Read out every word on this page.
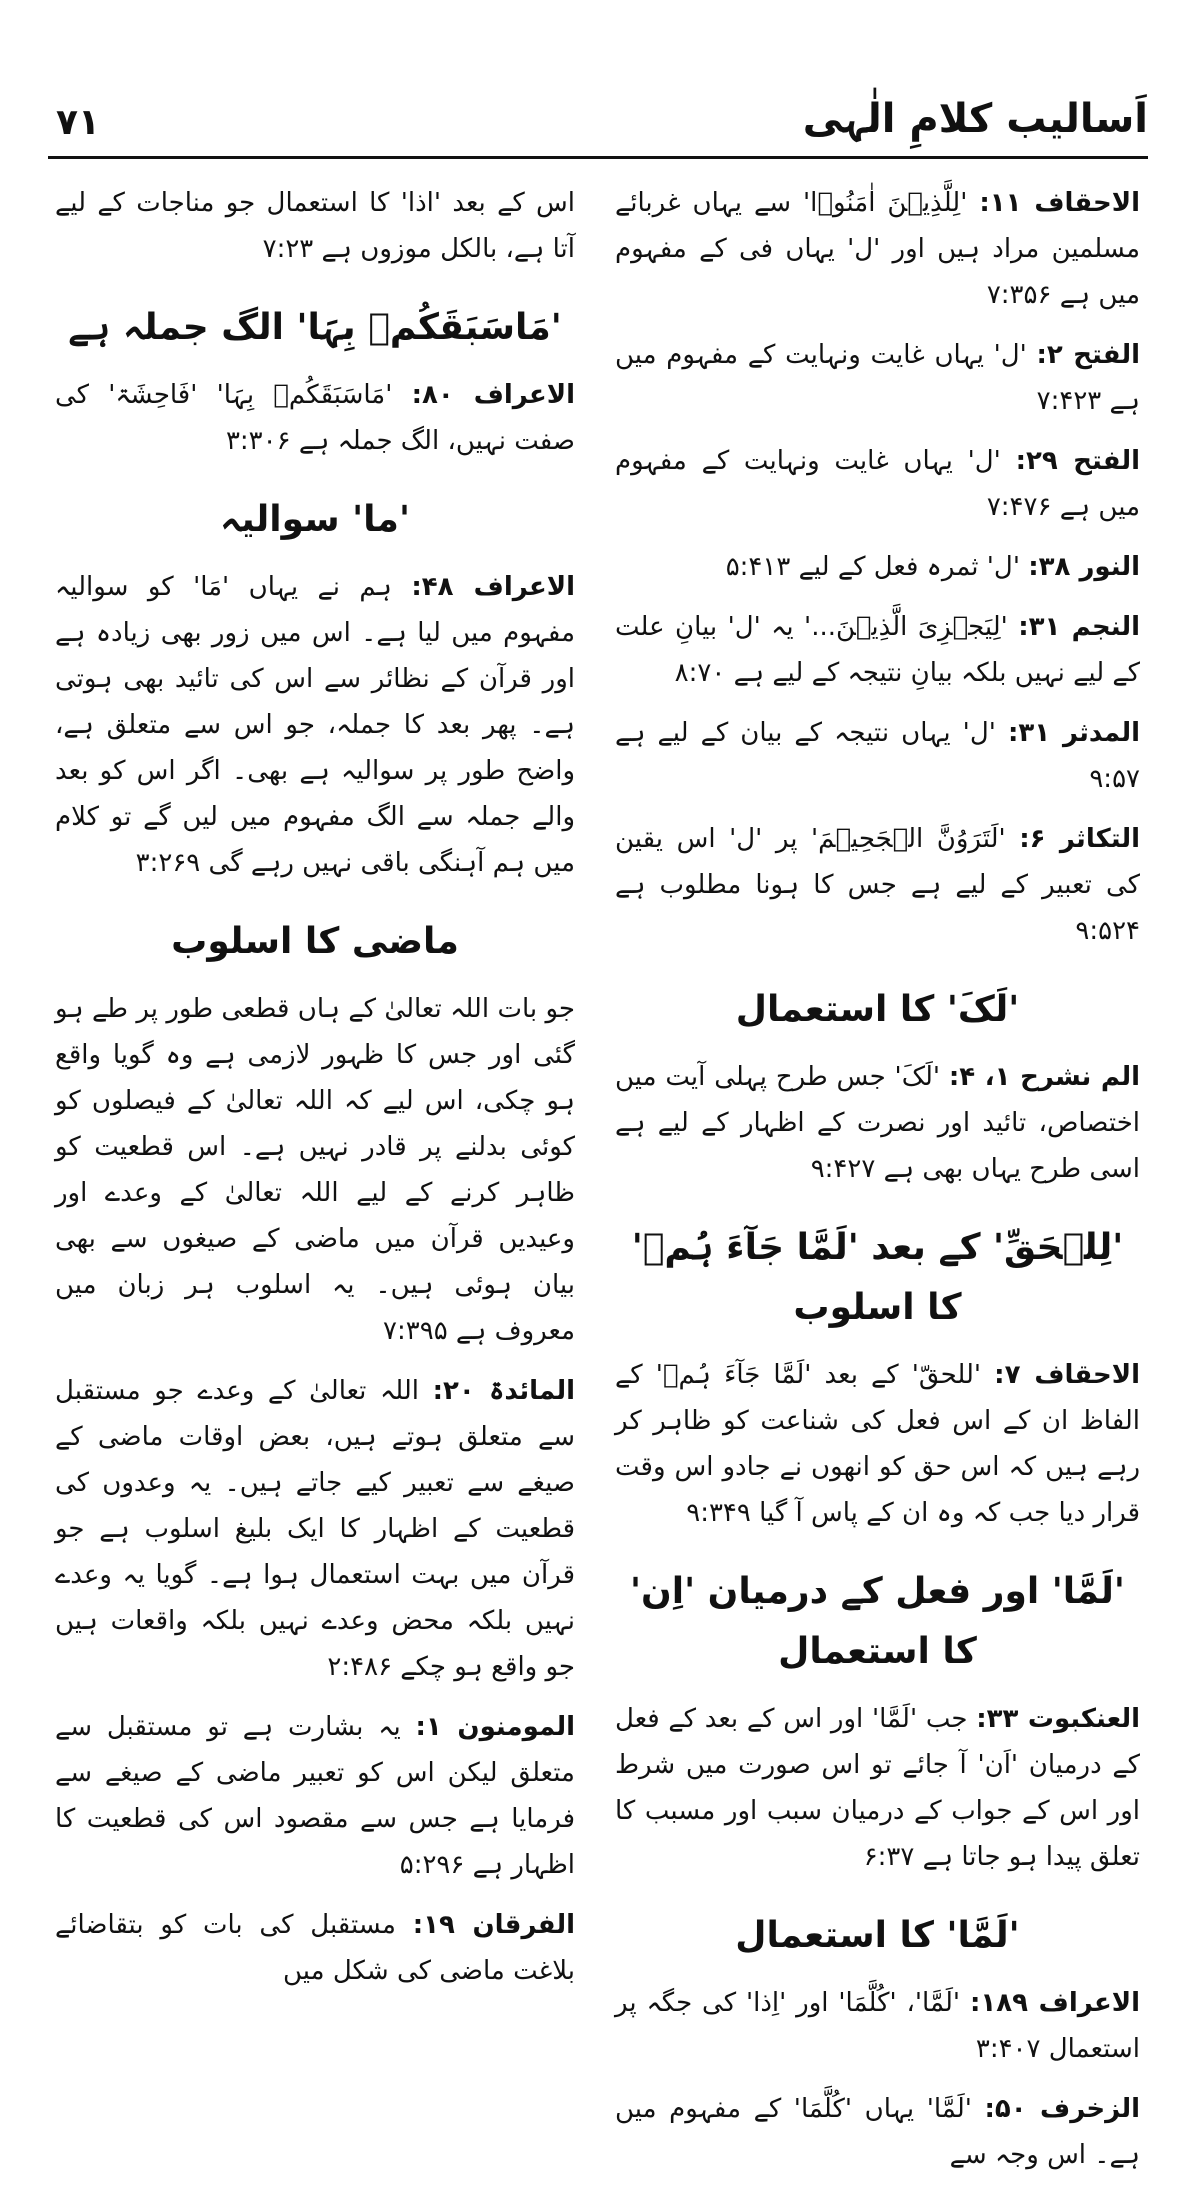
اَسالیب کلامِ الٰہی
۷۱

الاحقاف ۱۱: 'لِلَّذِیۡنَ اٰمَنُوۡا' سے یہاں غربائے مسلمین مراد ہیں اور 'ل' یہاں فی کے مفہوم میں ہے ۷:۳۵۶

الفتح ۲: 'ل' یہاں غایت ونہایت کے مفہوم میں ہے ۷:۴۲۳

الفتح ۲۹: 'ل' یہاں غایت ونہایت کے مفہوم میں ہے ۷:۴۷۶

النور ۳۸: 'ل' ثمرہ فعل کے لیے ۵:۴۱۳

النجم ۳۱: 'لِیَجۡزِیَ الَّذِیۡنَ...' یہ 'ل' بیانِ علت کے لیے نہیں بلکہ بیانِ نتیجہ کے لیے ہے ۸:۷۰

المدثر ۳۱: 'ل' یہاں نتیجہ کے بیان کے لیے ہے ۹:۵۷

التکاثر ۶: 'لَتَرَوُنَّ الۡجَحِیۡمَ' پر 'ل' اس یقین کی تعبیر کے لیے ہے جس کا ہونا مطلوب ہے ۹:۵۲۴

'لَکَ' کا استعمال

الم نشرح ۱، ۴: 'لَکَ' جس طرح پہلی آیت میں اختصاص، تائید اور نصرت کے اظہار کے لیے ہے اسی طرح یہاں بھی ہے ۹:۴۲۷

'لِلۡحَقِّ' کے بعد 'لَمَّا جَآءَ ہُمۡ' کا اسلوب

الاحقاف ۷: 'للحقّ' کے بعد 'لَمَّا جَآءَ ہُمۡ' کے الفاظ ان کے اس فعل کی شناعت کو ظاہر کر رہے ہیں کہ اس حق کو انھوں نے جادو اس وقت قرار دیا جب کہ وہ ان کے پاس آ گیا ۹:۳۴۹

'لَمَّا' اور فعل کے درمیان 'اِن' کا استعمال

العنکبوت ۳۳: جب 'لَمَّا' اور اس کے بعد کے فعل کے درمیان 'اَن' آ جائے تو اس صورت میں شرط اور اس کے جواب کے درمیان سبب اور مسبب کا تعلق پیدا ہو جاتا ہے ۶:۳۷

'لَمَّا' کا استعمال

الاعراف ۱۸۹: 'لَمَّا'، 'کُلَّمَا' اور 'اِذا' کی جگہ پر استعمال ۳:۴۰۷

الزخرف ۵۰: 'لَمَّا' یہاں 'کُلَّمَا' کے مفہوم میں ہے۔ اس وجہ سے

اس کے بعد 'اذا' کا استعمال جو مناجات کے لیے آتا ہے، بالکل موزوں ہے ۷:۲۳

'مَاسَبَقَکُمۡ بِہَا' الگ جملہ ہے

الاعراف ۸۰: 'مَاسَبَقَکُمۡ بِہَا' 'فَاحِشَۃ' کی صفت نہیں، الگ جملہ ہے ۳:۳۰۶

'ما' سوالیہ

الاعراف ۴۸: ہم نے یہاں 'مَا' کو سوالیہ مفہوم میں لیا ہے۔ اس میں زور بھی زیادہ ہے اور قرآن کے نظائر سے اس کی تائید بھی ہوتی ہے۔ پھر بعد کا جملہ، جو اس سے متعلق ہے، واضح طور پر سوالیہ ہے بھی۔ اگر اس کو بعد والے جملہ سے الگ مفہوم میں لیں گے تو کلام میں ہم آہنگی باقی نہیں رہے گی ۳:۲۶۹

ماضی کا اسلوب

جو بات اللہ تعالیٰ کے ہاں قطعی طور پر طے ہو گئی اور جس کا ظہور لازمی ہے وہ گویا واقع ہو چکی، اس لیے کہ اللہ تعالیٰ کے فیصلوں کو کوئی بدلنے پر قادر نہیں ہے۔ اس قطعیت کو ظاہر کرنے کے لیے اللہ تعالیٰ کے وعدے اور وعیدیں قرآن میں ماضی کے صیغوں سے بھی بیان ہوئی ہیں۔ یہ اسلوب ہر زبان میں معروف ہے ۷:۳۹۵

المائدۃ ۲۰: اللہ تعالیٰ کے وعدے جو مستقبل سے متعلق ہوتے ہیں، بعض اوقات ماضی کے صیغے سے تعبیر کیے جاتے ہیں۔ یہ وعدوں کی قطعیت کے اظہار کا ایک بلیغ اسلوب ہے جو قرآن میں بہت استعمال ہوا ہے۔ گویا یہ وعدے نہیں بلکہ محض وعدے نہیں بلکہ واقعات ہیں جو واقع ہو چکے ۲:۴۸۶

المومنون ۱: یہ بشارت ہے تو مستقبل سے متعلق لیکن اس کو تعبیر ماضی کے صیغے سے فرمایا ہے جس سے مقصود اس کی قطعیت کا اظہار ہے ۵:۲۹۶

الفرقان ۱۹: مستقبل کی بات کو بتقاضائے بلاغت ماضی کی شکل میں
